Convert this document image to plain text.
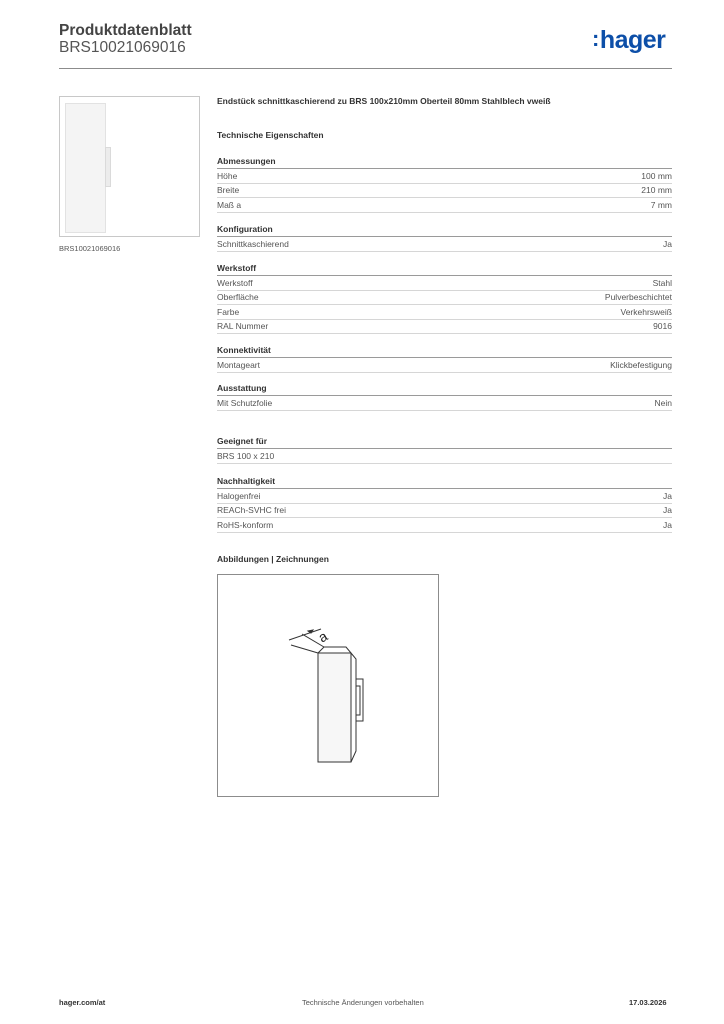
Produktdatenblatt
BRS10021069016	:hager
BRS10021069016
Endstück schnittkaschierend zu BRS 100x210mm Oberteil 80mm Stahlblech vweiß
Technische Eigenschaften
Abmessungen
Höhe	100 mm
Breite	210 mm
Maß a	7 mm
Konfiguration
Schnittkaschierend	Ja
Werkstoff
Werkstoff	Stahl
Oberfläche	Pulverbeschichtet
Farbe	Verkehrsweiß
RAL Nummer	9016
Konnektivität
Montageart	Klickbefestigung
Ausstattung
Mit Schutzfolie	Nein
Geeignet für
BRS 100 x 210
Nachhaltigkeit
Halogenfrei	Ja
REACh-SVHC frei	Ja
RoHS-konform	Ja
Abbildungen | Zeichnungen
a
hager.com/at	Technische Änderungen vorbehalten	17.03.2026
